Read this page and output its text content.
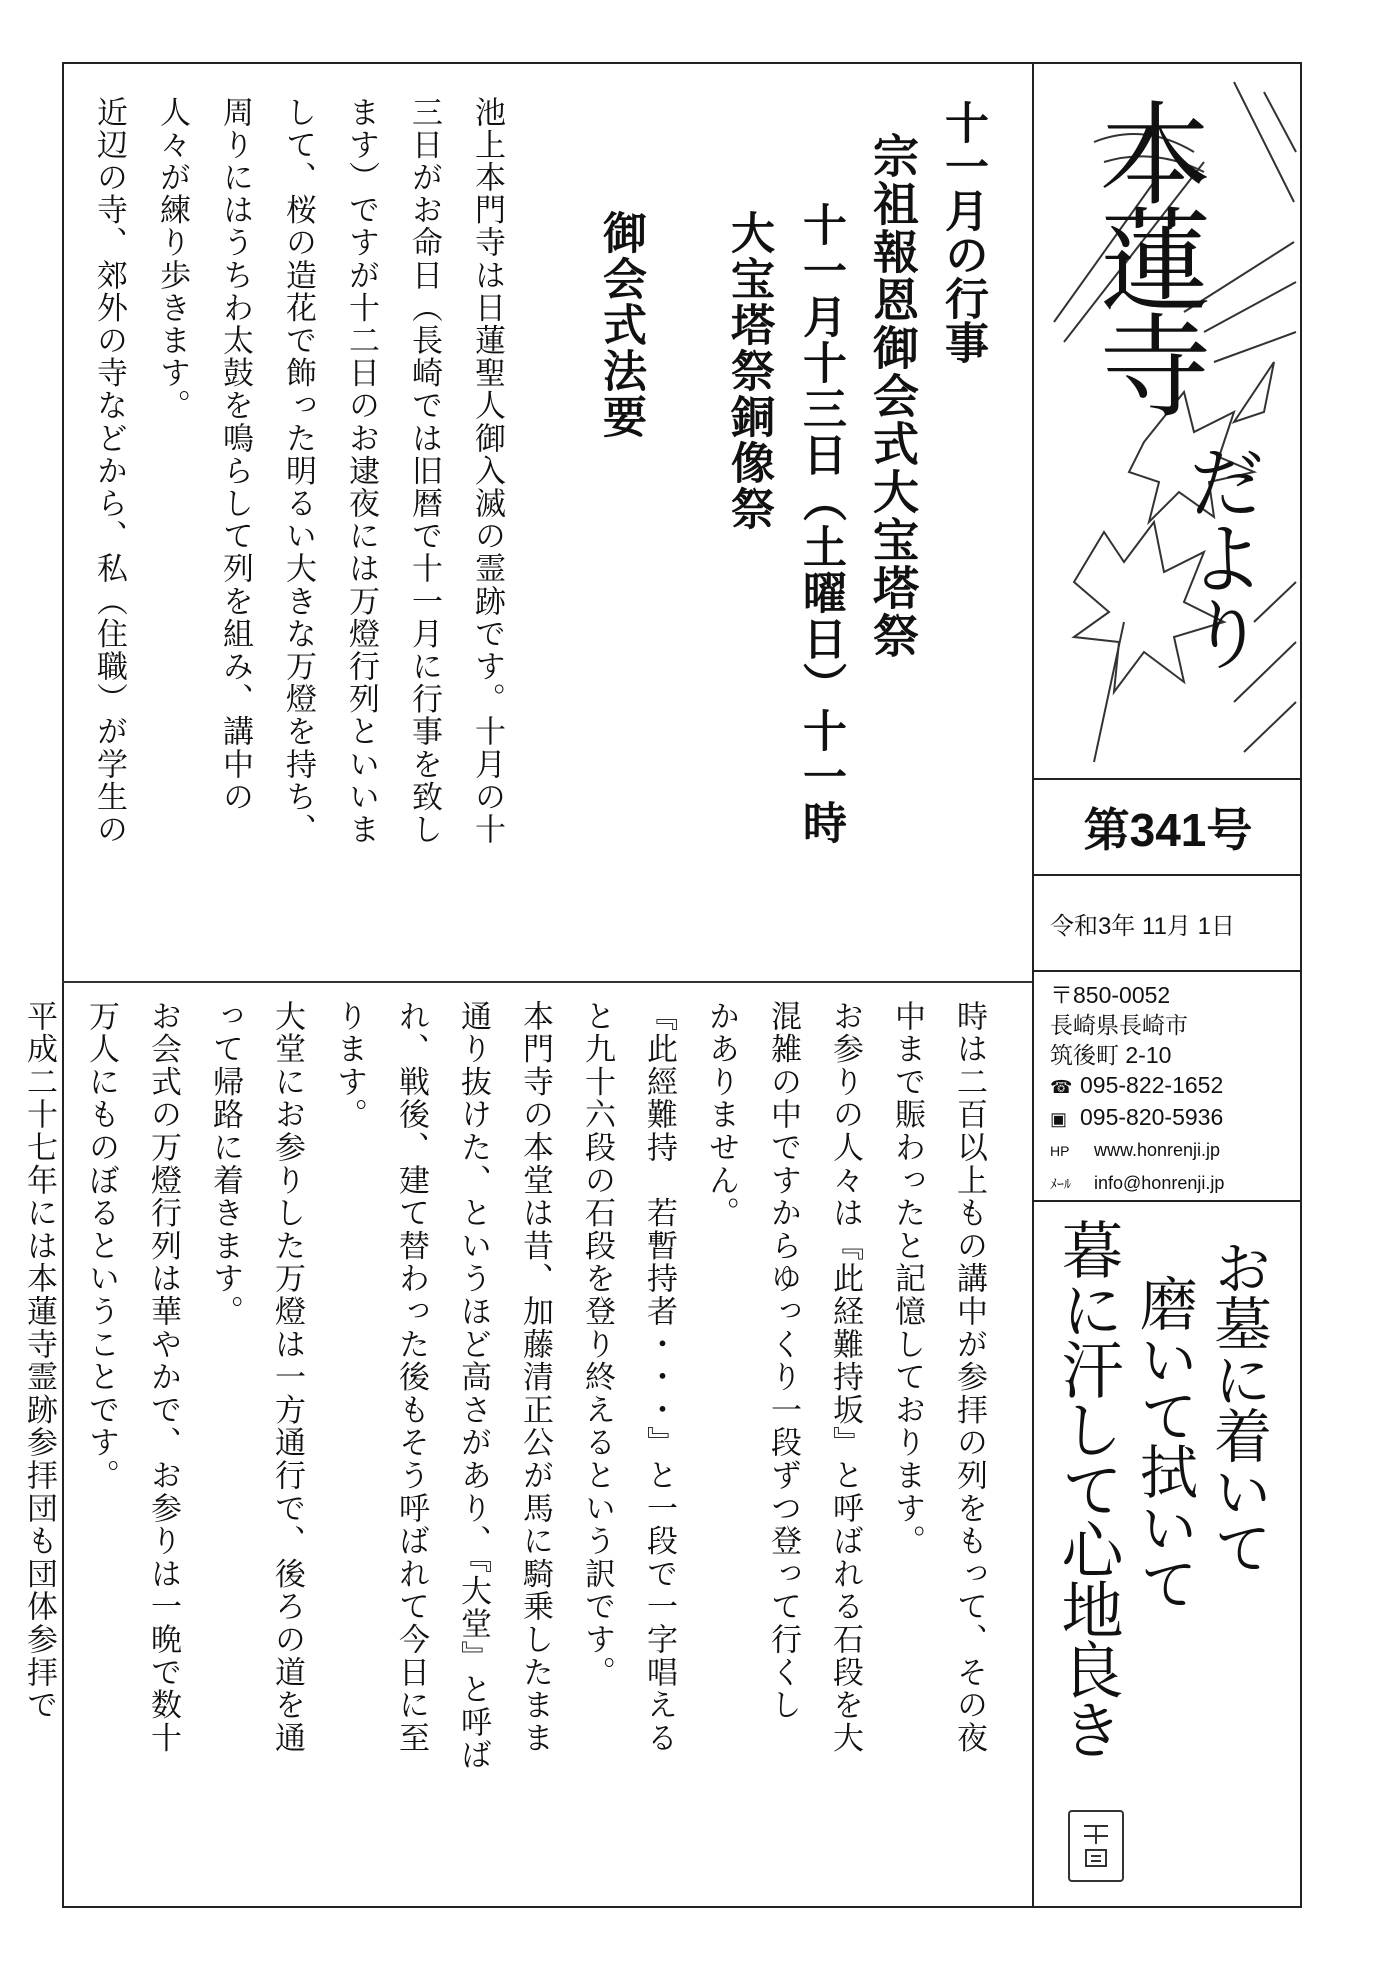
十一月の行事
宗祖報恩御会式大宝塔祭
十一月十三日（土曜日）十一時
大宝塔祭銅像祭
御会式法要
池上本門寺は日蓮聖人御入滅の霊跡です。十月の十
三日がお命日（長崎では旧暦で十一月に行事を致し
ます）ですが十二日のお逮夜には万燈行列といいま
して、桜の造花で飾った明るい大きな万燈を持ち、
周りにはうちわ太鼓を鳴らして列を組み、講中の
人々が練り歩きます。
近辺の寺、郊外の寺などから、私（住職）が学生の
時は二百以上もの講中が参拝の列をもって、その夜
中まで賑わったと記憶しております。
お参りの人々は『此経難持坂』と呼ばれる石段を大
混雑の中ですからゆっくり一段ずつ登って行くし
かありません。
『此經難持　若暫持者・・・』と一段で一字唱える
と九十六段の石段を登り終えるという訳です。
本門寺の本堂は昔、加藤清正公が馬に騎乗したまま
通り抜けた、というほど高さがあり、『大堂』と呼ば
れ、戦後、建て替わった後もそう呼ばれて今日に至
ります。
大堂にお参りした万燈は一方通行で、後ろの道を通
って帰路に着きます。
お会式の万燈行列は華やかで、お参りは一晩で数十
万人にものぼるということです。
平成二十七年には本蓮寺霊跡参拝団も団体参拝で

本蓮寺
だより
第341号
令和3年 11月 1日
〒850-0052
長崎県長崎市
筑後町 2-10
☎ 095-822-1652
▣ 095-820-5936
HP www.honrenji.jp
ﾒｰﾙ info@honrenji.jp
お墓に着いて
磨いて拭いて
暮に汗して心地良き
